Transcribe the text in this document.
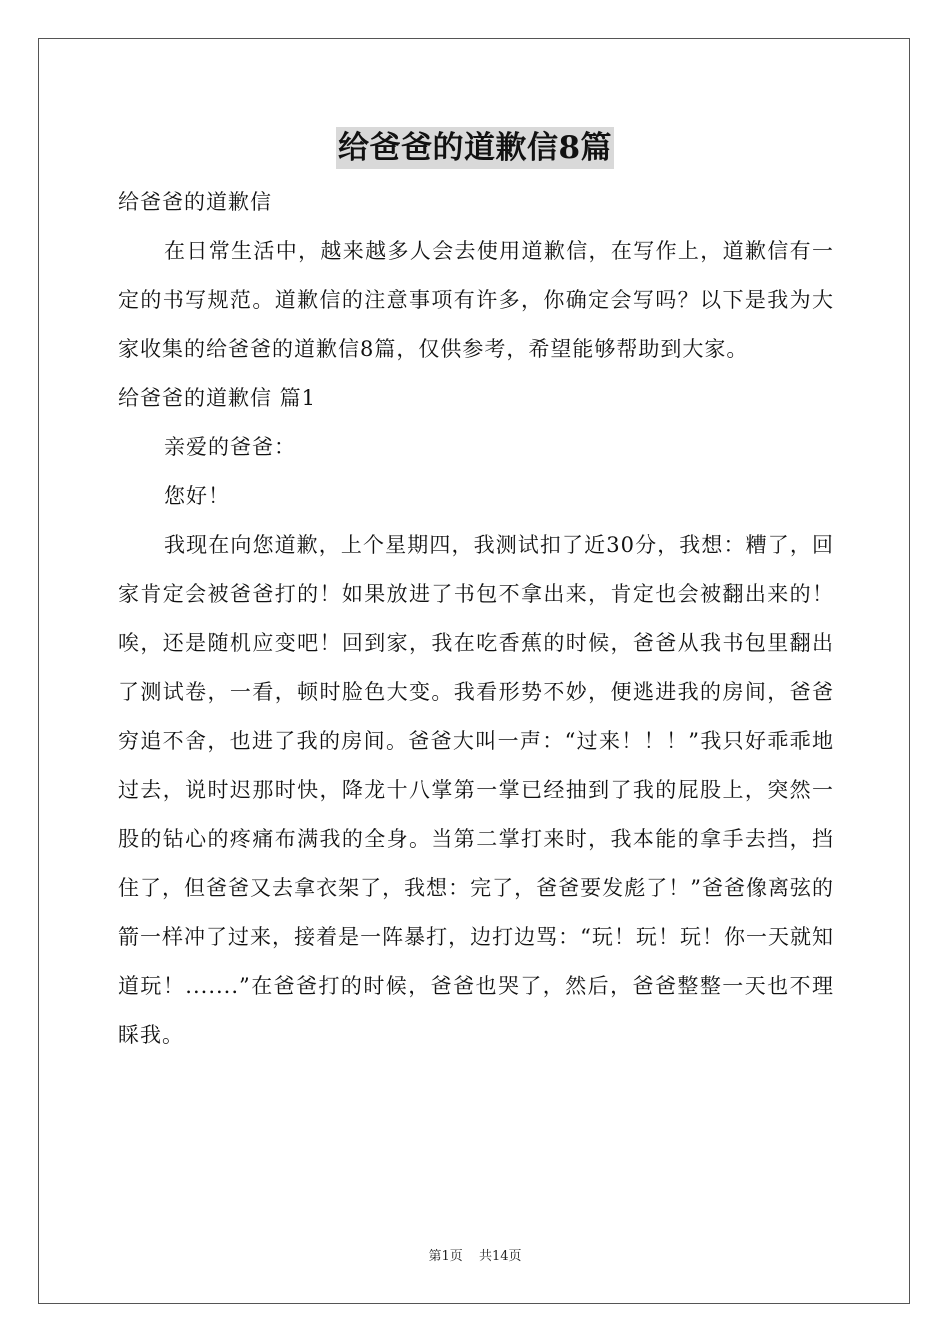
给爸爸的道歉信8篇

给爸爸的道歉信

在日常生活中，越来越多人会去使用道歉信，在写作上，道歉信有一定的书写规范。道歉信的注意事项有许多，你确定会写吗？以下是我为大家收集的给爸爸的道歉信8篇，仅供参考，希望能够帮助到大家。

给爸爸的道歉信 篇1

亲爱的爸爸：

您好！

我现在向您道歉，上个星期四，我测试扣了近30分，我想：糟了，回家肯定会被爸爸打的！如果放进了书包不拿出来，肯定也会被翻出来的！唉，还是随机应变吧！回到家，我在吃香蕉的时候，爸爸从我书包里翻出了测试卷，一看，顿时脸色大变。我看形势不妙，便逃进我的房间，爸爸穷追不舍，也进了我的房间。爸爸大叫一声：“过来！！！”我只好乖乖地过去，说时迟那时快，降龙十八掌第一掌已经抽到了我的屁股上，突然一股的钻心的疼痛布满我的全身。当第二掌打来时，我本能的拿手去挡，挡住了，但爸爸又去拿衣架了，我想：完了，爸爸要发彪了！”爸爸像离弦的箭一样冲了过来，接着是一阵暴打，边打边骂：“玩！玩！玩！你一天就知道玩！.......”在爸爸打的时候，爸爸也哭了，然后，爸爸整整一天也不理睬我。

第1页 共14页
